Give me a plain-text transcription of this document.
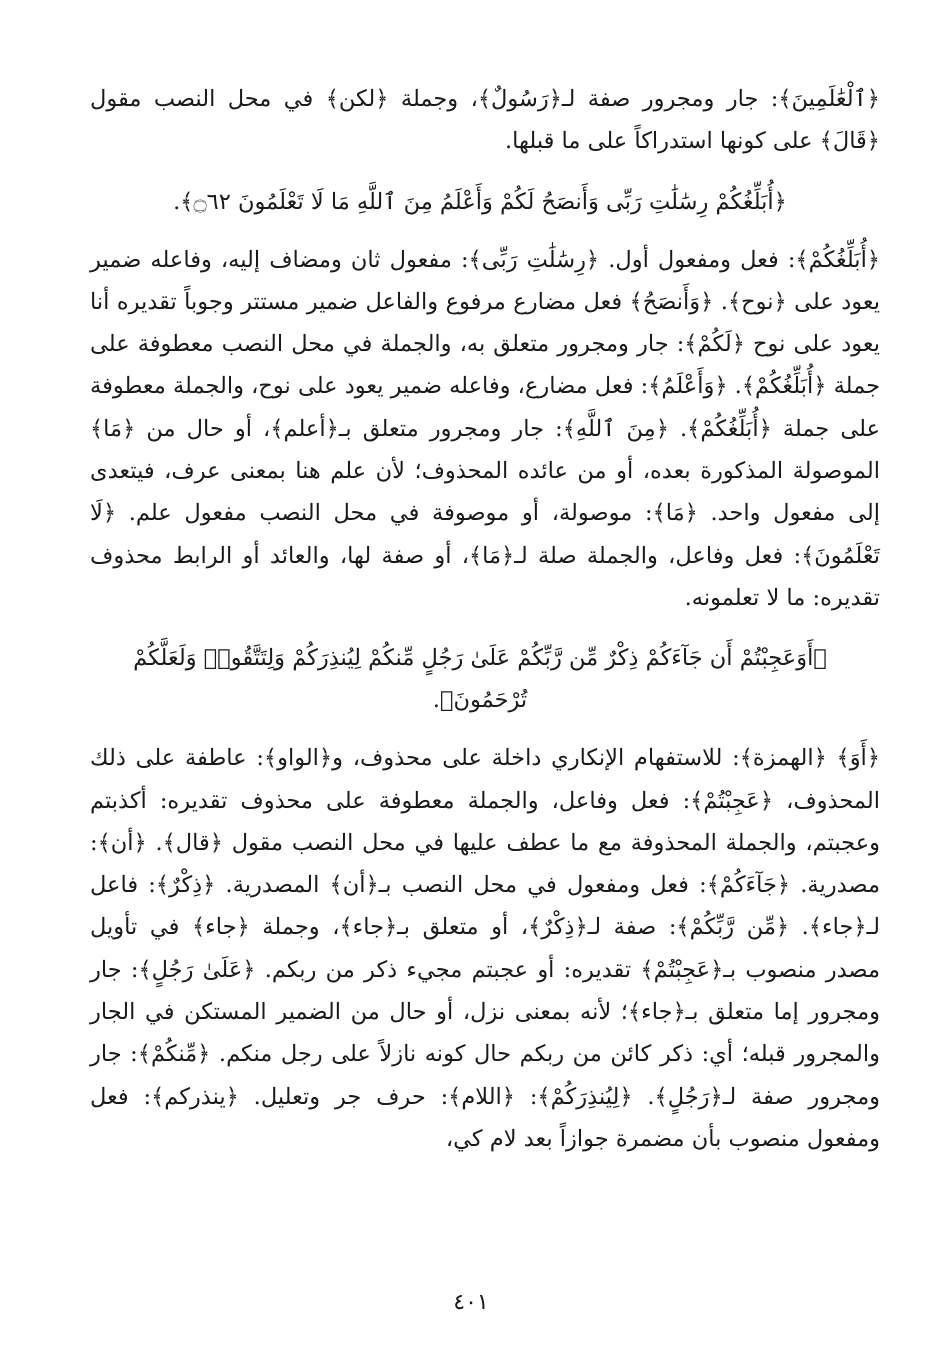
﴿ٱلْعَٰلَمِينَ﴾: جار ومجرور صفة لـ﴿رَسُولٌ﴾، وجملة ﴿لكن﴾ في محل النصب مقول ﴿قَالَ﴾ على كونها استدراكاً على ما قبلها.

﴿أُبَلِّغُكُمْ رِسَٰلَٰتِ رَبِّى وَأَنصَحُ لَكُمْ وَأَعْلَمُ مِنَ ٱللَّهِ مَا لَا تَعْلَمُونَ ۝٦٢﴾.

﴿أُبَلِّغُكُمْ﴾: فعل ومفعول أول. ﴿رِسَٰلَٰتِ رَبِّى﴾: مفعول ثان ومضاف إليه، وفاعله ضمير يعود على ﴿نوح﴾. ﴿وَأَنصَحُ﴾ فعل مضارع مرفوع والفاعل ضمير مستتر وجوباً تقديره أنا يعود على نوح ﴿لَكُمْ﴾: جار ومجرور متعلق به، والجملة في محل النصب معطوفة على جملة ﴿أُبَلِّغُكُمْ﴾. ﴿وَأَعْلَمُ﴾: فعل مضارع، وفاعله ضمير يعود على نوح، والجملة معطوفة على جملة ﴿أُبَلِّغُكُمْ﴾. ﴿مِنَ ٱللَّهِ﴾: جار ومجرور متعلق بـ﴿أعلم﴾، أو حال من ﴿مَا﴾ الموصولة المذكورة بعده، أو من عائده المحذوف؛ لأن علم هنا بمعنى عرف، فيتعدى إلى مفعول واحد. ﴿مَا﴾: موصولة، أو موصوفة في محل النصب مفعول علم. ﴿لَا تَعْلَمُونَ﴾: فعل وفاعل، والجملة صلة لـ﴿مَا﴾، أو صفة لها، والعائد أو الرابط محذوف تقديره: ما لا تعلمونه.

﴿أَوَعَجِبْتُمْ أَن جَآءَكُمْ ذِكْرٌ مِّن رَّبِّكُمْ عَلَىٰ رَجُلٍ مِّنكُمْ لِيُنذِرَكُمْ وَلِتَتَّقُوا۟ وَلَعَلَّكُمْ تُرْحَمُونَ﴾.

﴿أَوَ﴾ ﴿الهمزة﴾: للاستفهام الإنكاري داخلة على محذوف، و﴿الواو﴾: عاطفة على ذلك المحذوف، ﴿عَجِبْتُمْ﴾: فعل وفاعل، والجملة معطوفة على محذوف تقديره: أكذبتم وعجبتم، والجملة المحذوفة مع ما عطف عليها في محل النصب مقول ﴿قال﴾. ﴿أن﴾: مصدرية. ﴿جَآءَكُمْ﴾: فعل ومفعول في محل النصب بـ﴿أن﴾ المصدرية. ﴿ذِكْرٌ﴾: فاعل لـ﴿جاء﴾. ﴿مِّن رَّبِّكُمْ﴾: صفة لـ﴿ذِكْرٌ﴾، أو متعلق بـ﴿جاء﴾، وجملة ﴿جاء﴾ في تأويل مصدر منصوب بـ﴿عَجِبْتُمْ﴾ تقديره: أو عجبتم مجيء ذكر من ربكم. ﴿عَلَىٰ رَجُلٍ﴾: جار ومجرور إما متعلق بـ﴿جاء﴾؛ لأنه بمعنى نزل، أو حال من الضمير المستكن في الجار والمجرور قبله؛ أي: ذكر كائن من ربكم حال كونه نازلاً على رجل منكم. ﴿مِّنكُمْ﴾: جار ومجرور صفة لـ﴿رَجُلٍ﴾. ﴿لِيُنذِرَكُمْ﴾: ﴿اللام﴾: حرف جر وتعليل. ﴿ينذركم﴾: فعل ومفعول منصوب بأن مضمرة جوازاً بعد لام كي،

٤٠١
